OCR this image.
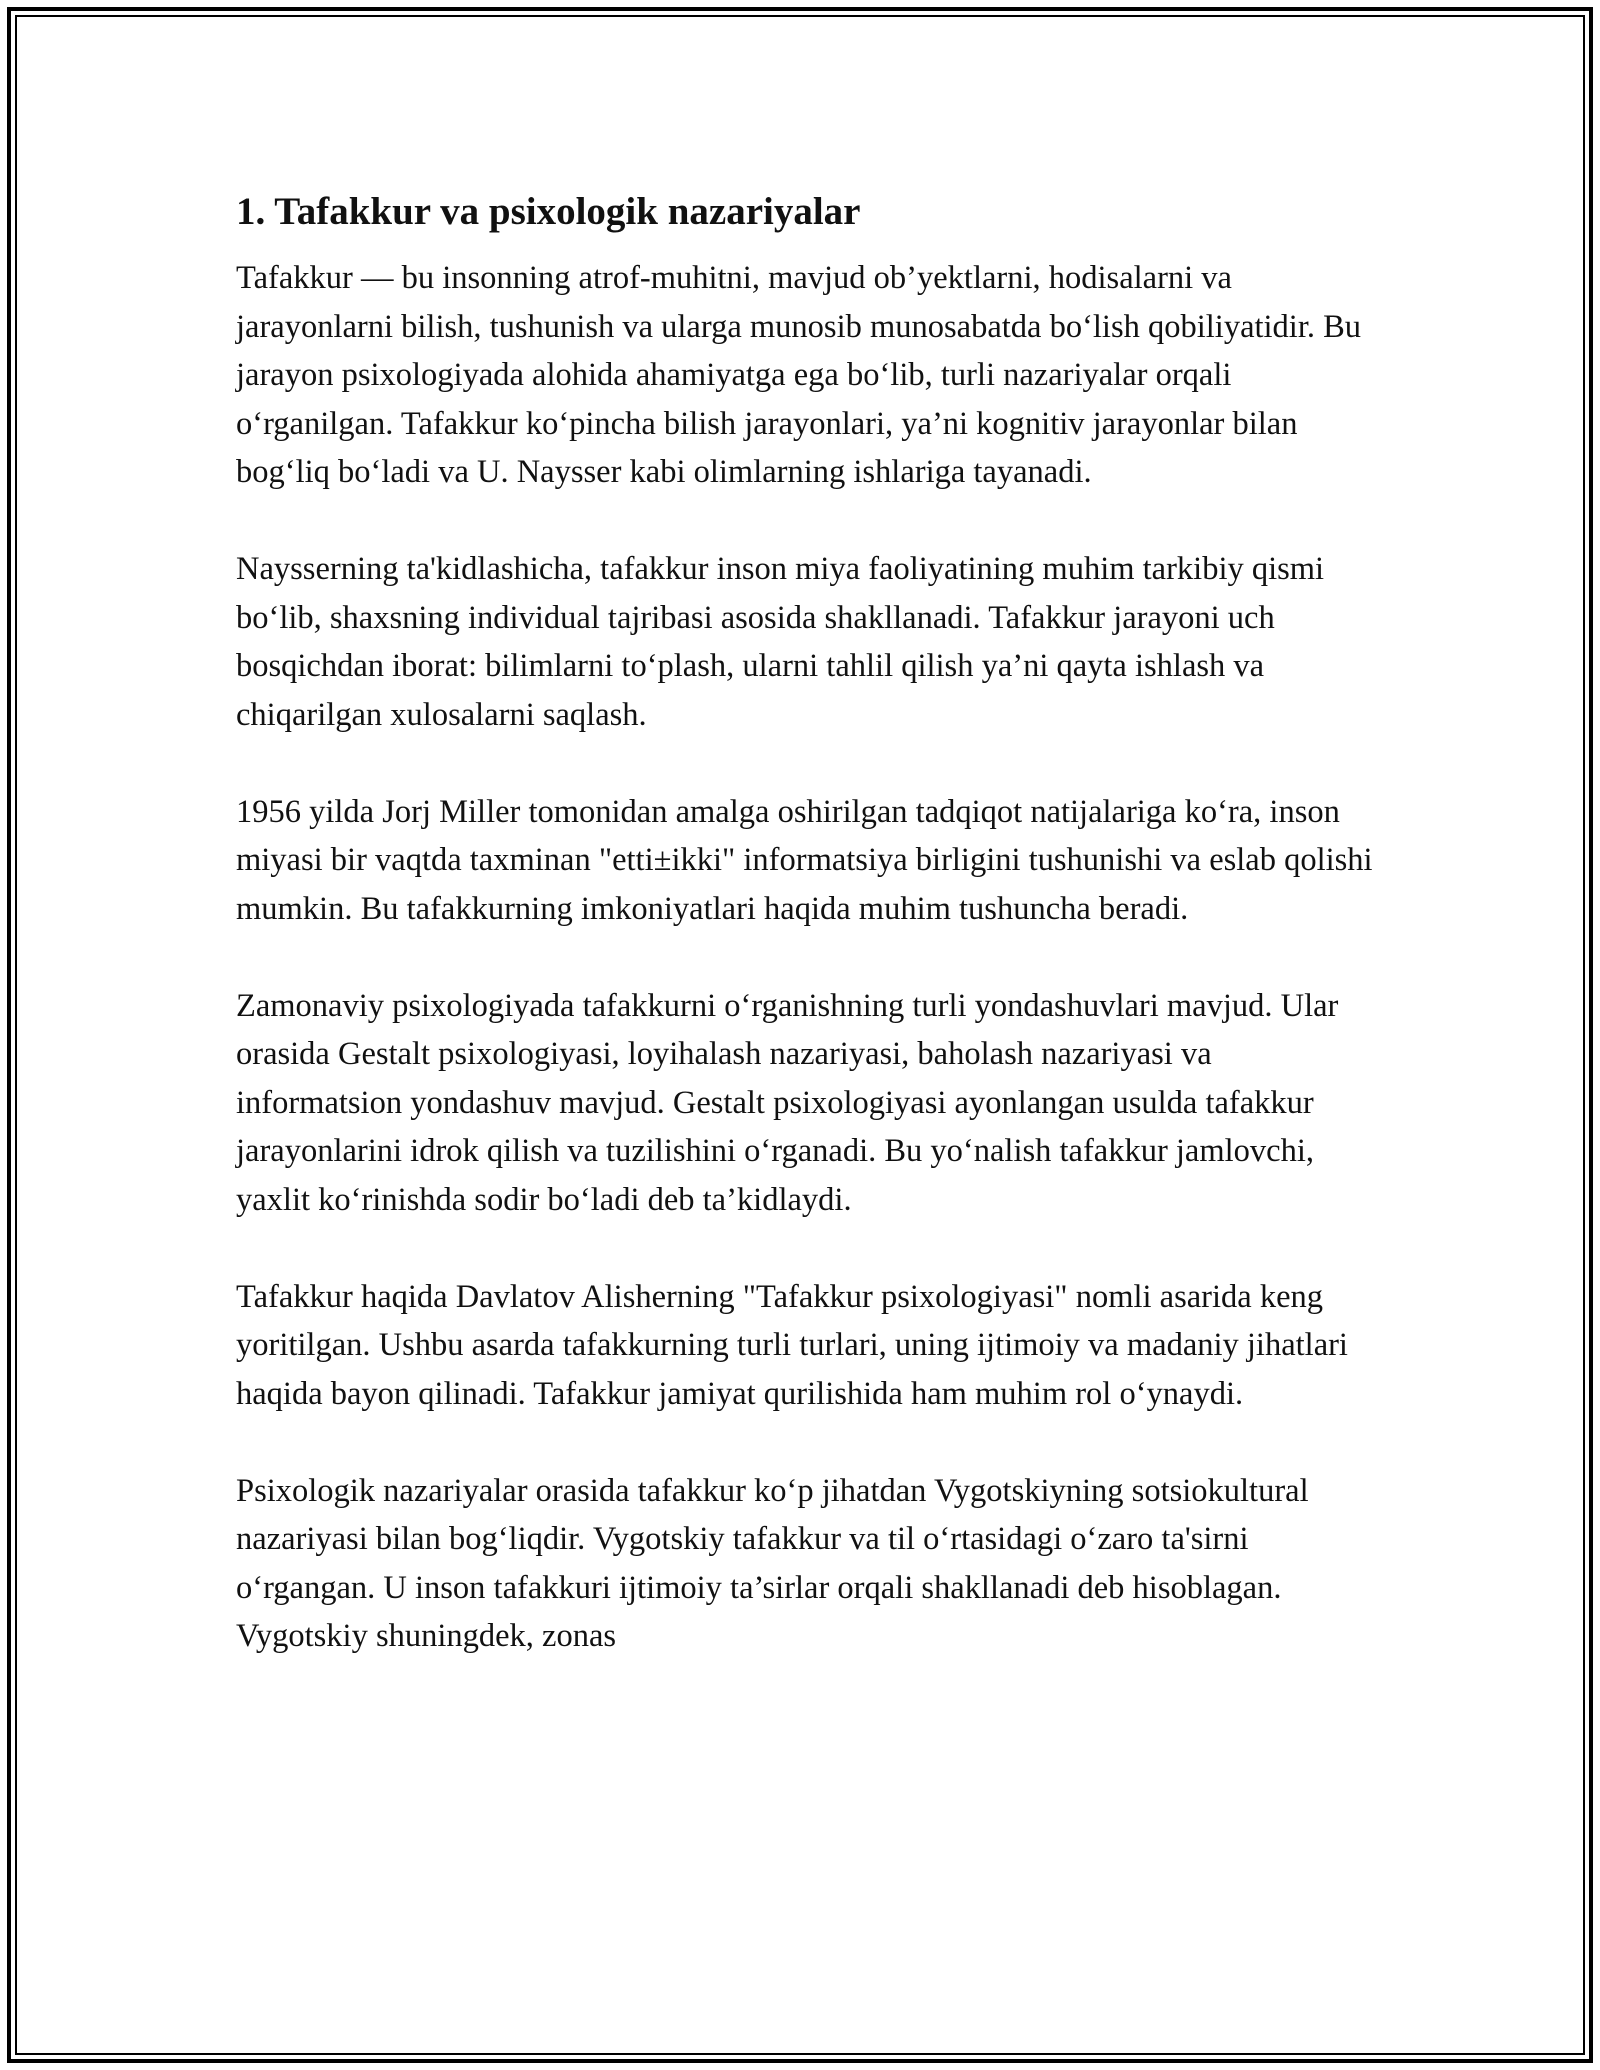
1. Tafakkur va psixologik nazariyalar

Tafakkur — bu insonning atrof-muhitni, mavjud ob’yektlarni, hodisalarni va jarayonlarni bilish, tushunish va ularga munosib munosabatda bo‘lish qobiliyatidir. Bu jarayon psixologiyada alohida ahamiyatga ega bo‘lib, turli nazariyalar orqali o‘rganilgan. Tafakkur ko‘pincha bilish jarayonlari, ya’ni kognitiv jarayonlar bilan bog‘liq bo‘ladi va U. Naysser kabi olimlarning ishlariga tayanadi.

Naysserning ta'kidlashicha, tafakkur inson miya faoliyatining muhim tarkibiy qismi bo‘lib, shaxsning individual tajribasi asosida shakllanadi. Tafakkur jarayoni uch bosqichdan iborat: bilimlarni to‘plash, ularni tahlil qilish ya’ni qayta ishlash va chiqarilgan xulosalarni saqlash.

1956 yilda Jorj Miller tomonidan amalga oshirilgan tadqiqot natijalariga ko‘ra, inson miyasi bir vaqtda taxminan "etti±ikki" informatsiya birligini tushunishi va eslab qolishi mumkin. Bu tafakkurning imkoniyatlari haqida muhim tushuncha beradi.

Zamonaviy psixologiyada tafakkurni o‘rganishning turli yondashuvlari mavjud. Ular orasida Gestalt psixologiyasi, loyihalash nazariyasi, baholash nazariyasi va informatsion yondashuv mavjud. Gestalt psixologiyasi ayonlangan usulda tafakkur jarayonlarini idrok qilish va tuzilishini o‘rganadi. Bu yo‘nalish tafakkur jamlovchi, yaxlit ko‘rinishda sodir bo‘ladi deb ta’kidlaydi.

Tafakkur haqida Davlatov Alisherning "Tafakkur psixologiyasi" nomli asarida keng yoritilgan. Ushbu asarda tafakkurning turli turlari, uning ijtimoiy va madaniy jihatlari haqida bayon qilinadi. Tafakkur jamiyat qurilishida ham muhim rol o‘ynaydi.

Psixologik nazariyalar orasida tafakkur ko‘p jihatdan Vygotskiyning sotsiokultural nazariyasi bilan bog‘liqdir. Vygotskiy tafakkur va til o‘rtasidagi o‘zaro ta'sirni o‘rgangan. U inson tafakkuri ijtimoiy ta’sirlar orqali shakllanadi deb hisoblagan. Vygotskiy shuningdek, zonas
